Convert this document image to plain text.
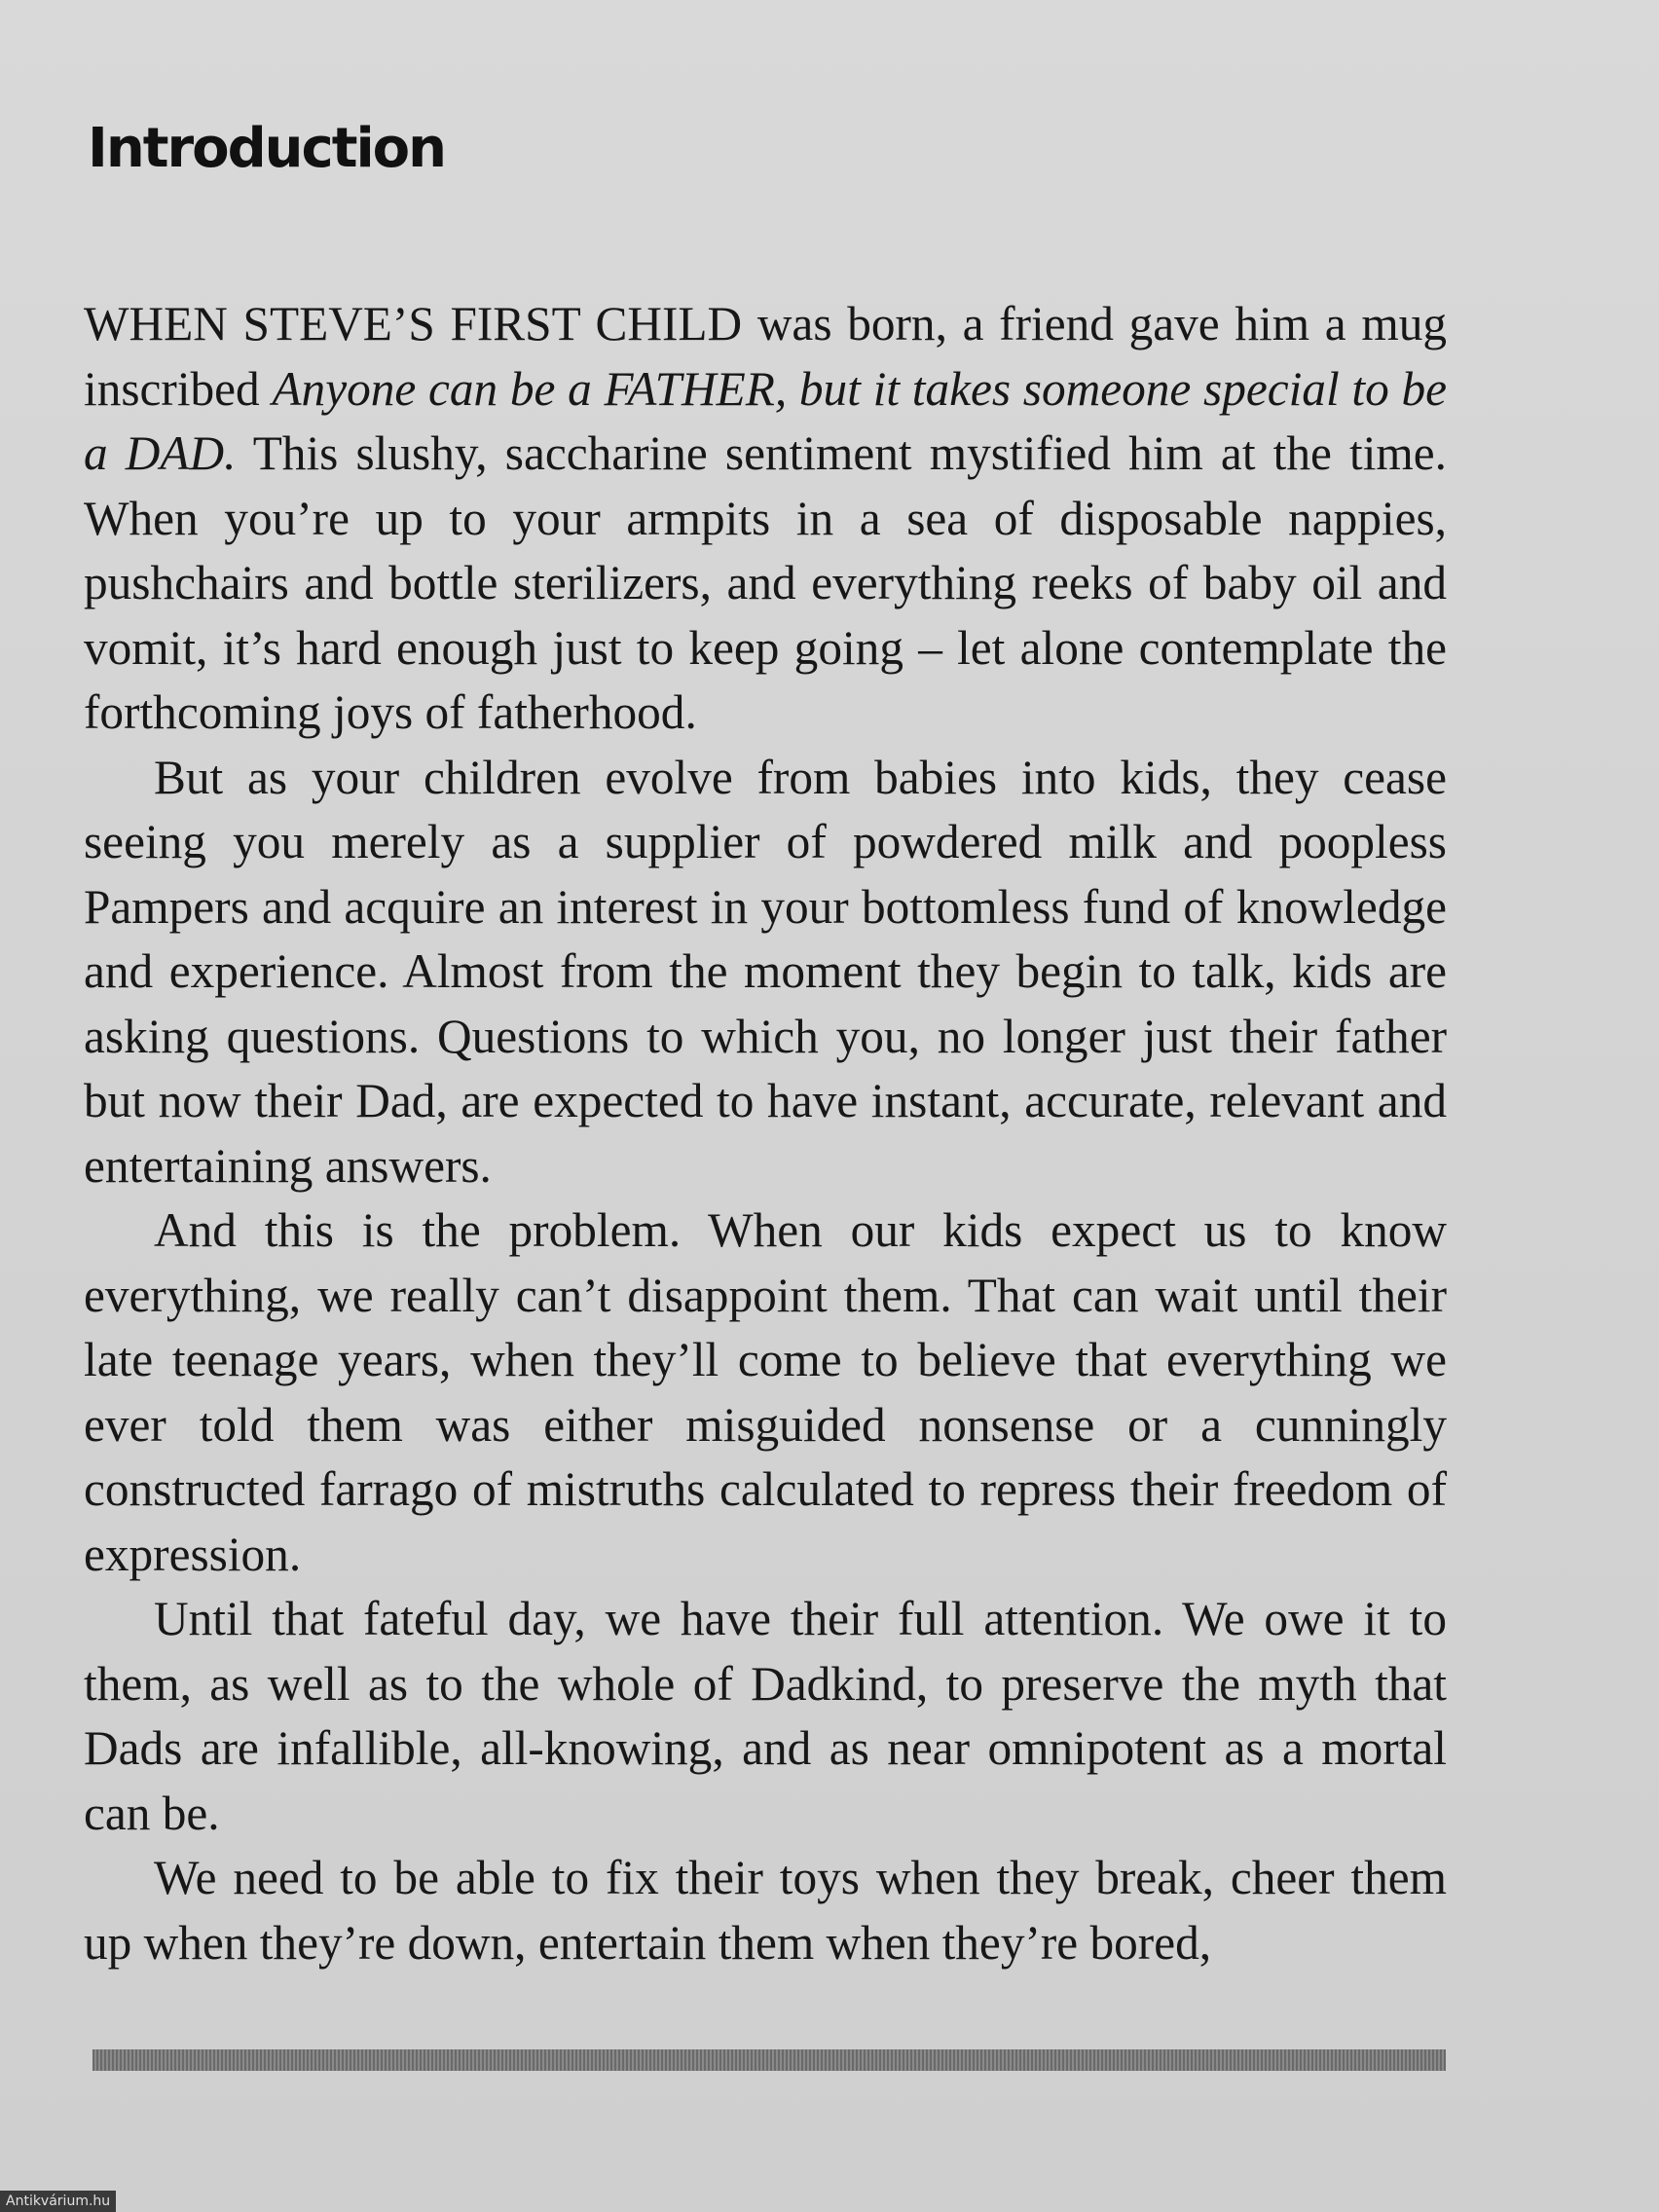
Introduction

WHEN STEVE’S FIRST CHILD was born, a friend gave him a mug inscribed Anyone can be a FATHER, but it takes someone special to be a DAD. This slushy, saccharine sentiment mystified him at the time. When you’re up to your armpits in a sea of disposable nappies, pushchairs and bottle sterilizers, and everything reeks of baby oil and vomit, it’s hard enough just to keep going – let alone contemplate the forthcoming joys of fatherhood.

But as your children evolve from babies into kids, they cease seeing you merely as a supplier of powdered milk and poopless Pampers and acquire an interest in your bottomless fund of knowledge and experience. Almost from the moment they begin to talk, kids are asking questions. Questions to which you, no longer just their father but now their Dad, are expected to have instant, accurate, relevant and entertaining answers.

And this is the problem. When our kids expect us to know everything, we really can’t disappoint them. That can wait until their late teenage years, when they’ll come to believe that everything we ever told them was either misguided nonsense or a cunningly constructed farrago of mistruths calculated to repress their freedom of expression.

Until that fateful day, we have their full attention. We owe it to them, as well as to the whole of Dadkind, to preserve the myth that Dads are infallible, all-knowing, and as near omnipotent as a mortal can be.

We need to be able to fix their toys when they break, cheer them up when they’re down, entertain them when they’re bored,

Antikvárium.hu
